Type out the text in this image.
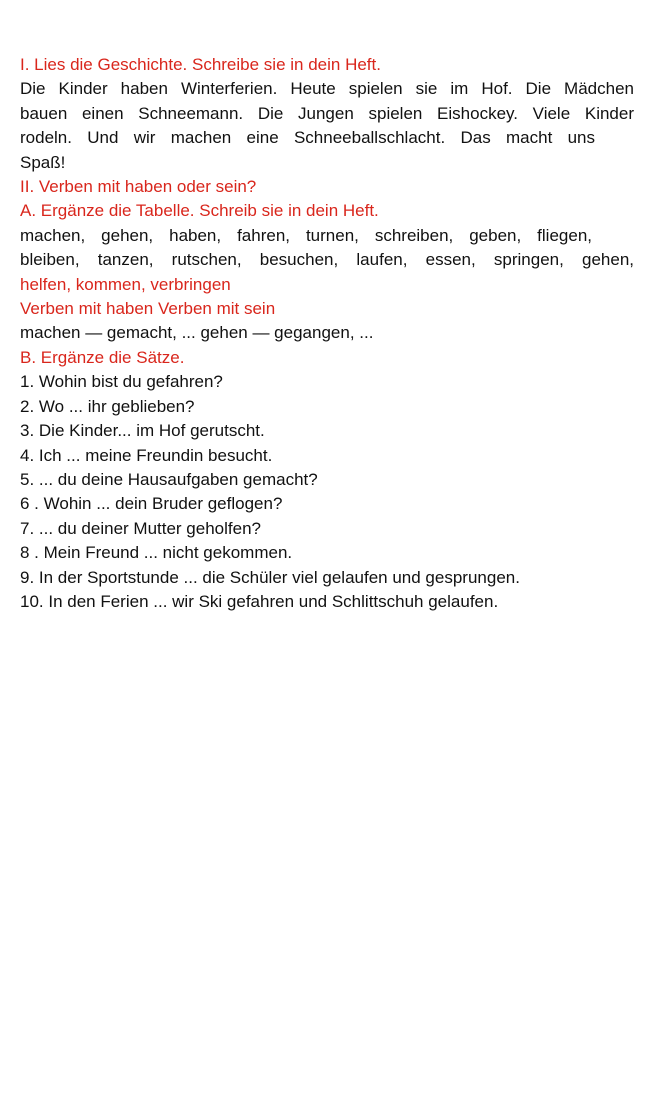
I. Lies die Geschichte. Schreibe sie in dein Heft.

Die Kinder haben Winterferien. Heute spielen sie im Hof. Die Mädchen

bauen einen Schneemann. Die Jungen spielen Eishockey. Viele Kinder

rodeln. Und wir machen eine Schneeballschlacht. Das macht uns

Spaß!

II. Verben mit haben oder sein?

A. Ergänze die Tabelle. Schreib sie in dein Heft.

machen, gehen, haben, fahren, turnen, schreiben, geben, fliegen,

bleiben, tanzen, rutschen, besuchen, laufen, essen, springen, gehen,

helfen, kommen, verbringen

Verben mit haben Verben mit sein

machen — gemacht, ... gehen — gegangen, ...

B. Ergänze die Sätze.

1. Wohin bist du gefahren?

2. Wo ... ihr geblieben?

3. Die Kinder... im Hof gerutscht.

4. Ich ... meine Freundin besucht.

5. ... du deine Hausaufgaben gemacht?

6 . Wohin ... dein Bruder geflogen?

7. ... du deiner Mutter geholfen?

8 . Mein Freund ... nicht gekommen.

9. In der Sportstunde ... die Schüler viel gelaufen und gesprungen.

10. In den Ferien ... wir Ski gefahren und Schlittschuh gelaufen.
